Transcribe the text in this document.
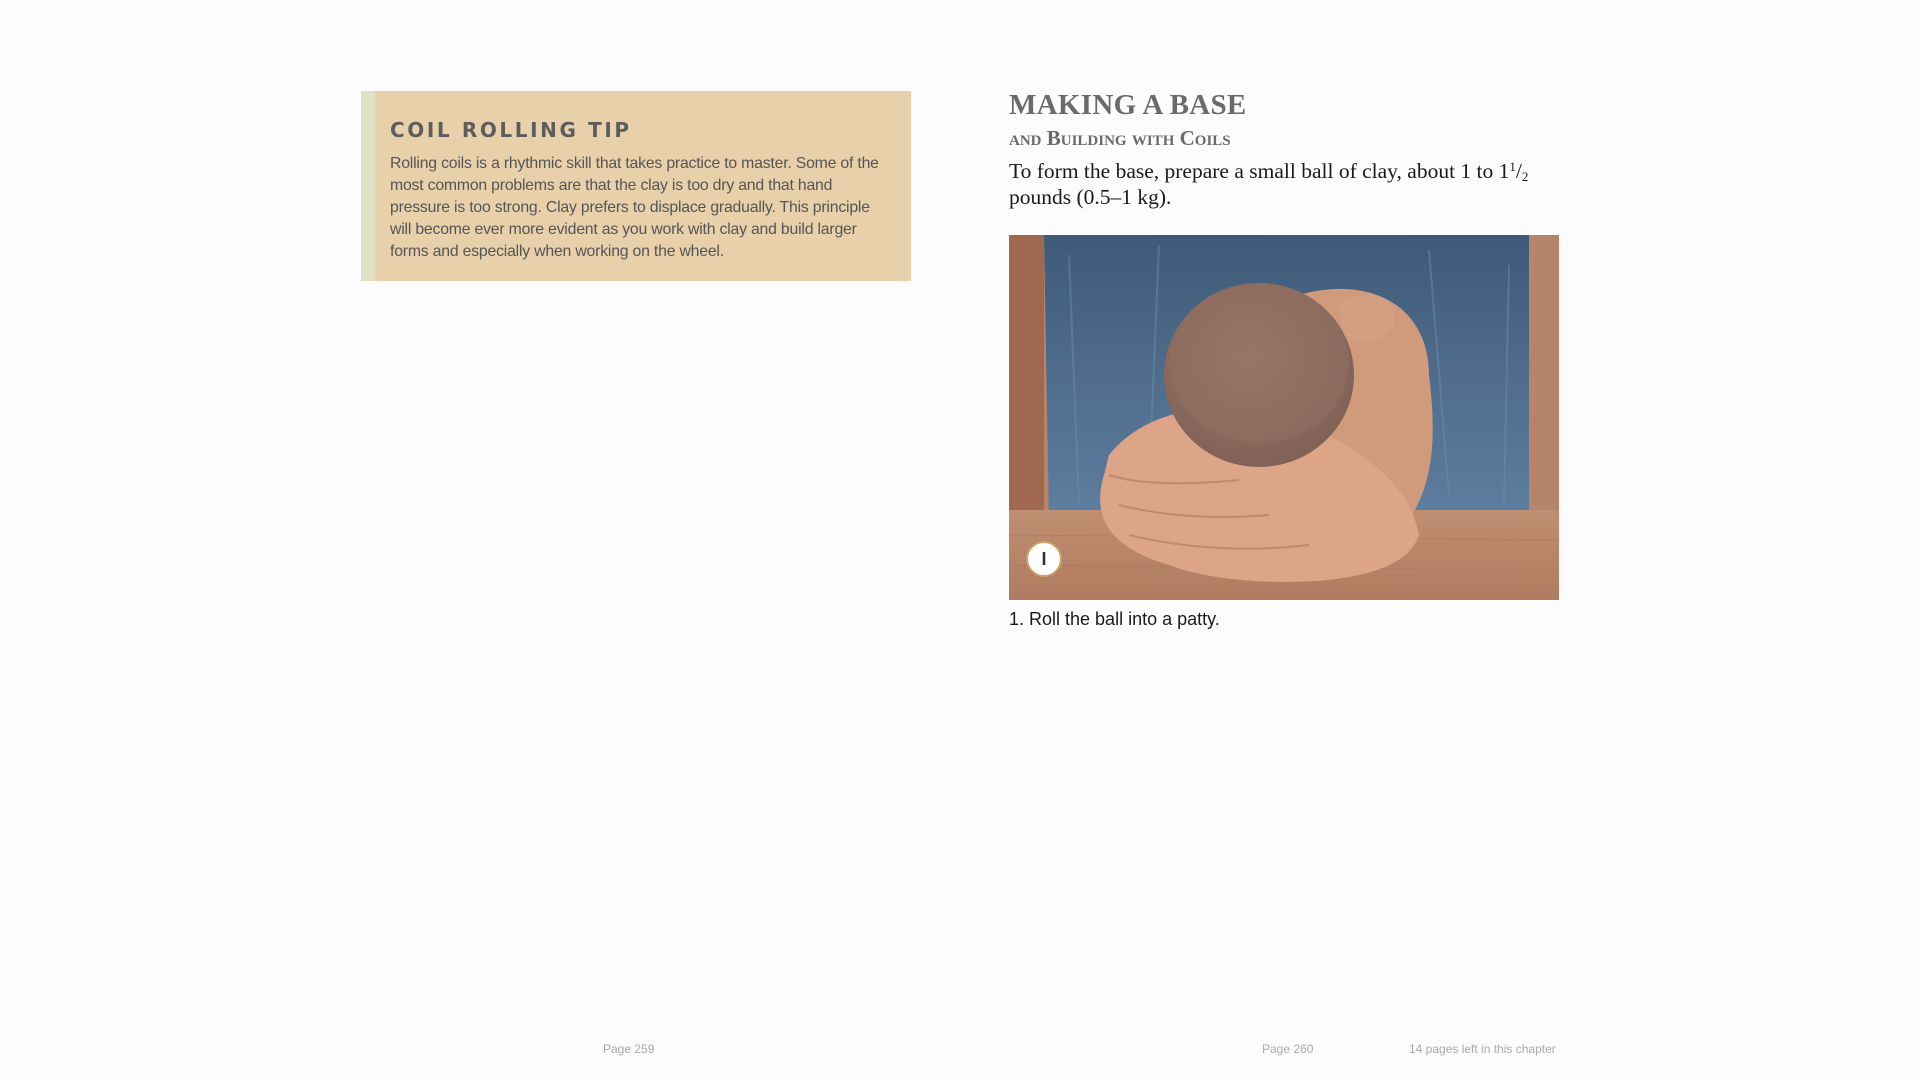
COIL ROLLING TIP

Rolling coils is a rhythmic skill that takes practice to master. Some of the most common problems are that the clay is too dry and that hand pressure is too strong. Clay prefers to displace gradually. This principle will become ever more evident as you work with clay and build larger forms and especially when working on the wheel.

Page 259
MAKING A BASE
and Building with Coils

To form the base, prepare a small ball of clay, about 1 to $1^1/_2$ pounds (0.5–1 kg).

I

1. Roll the ball into a patty.

Page 260	14 pages left in this chapter
